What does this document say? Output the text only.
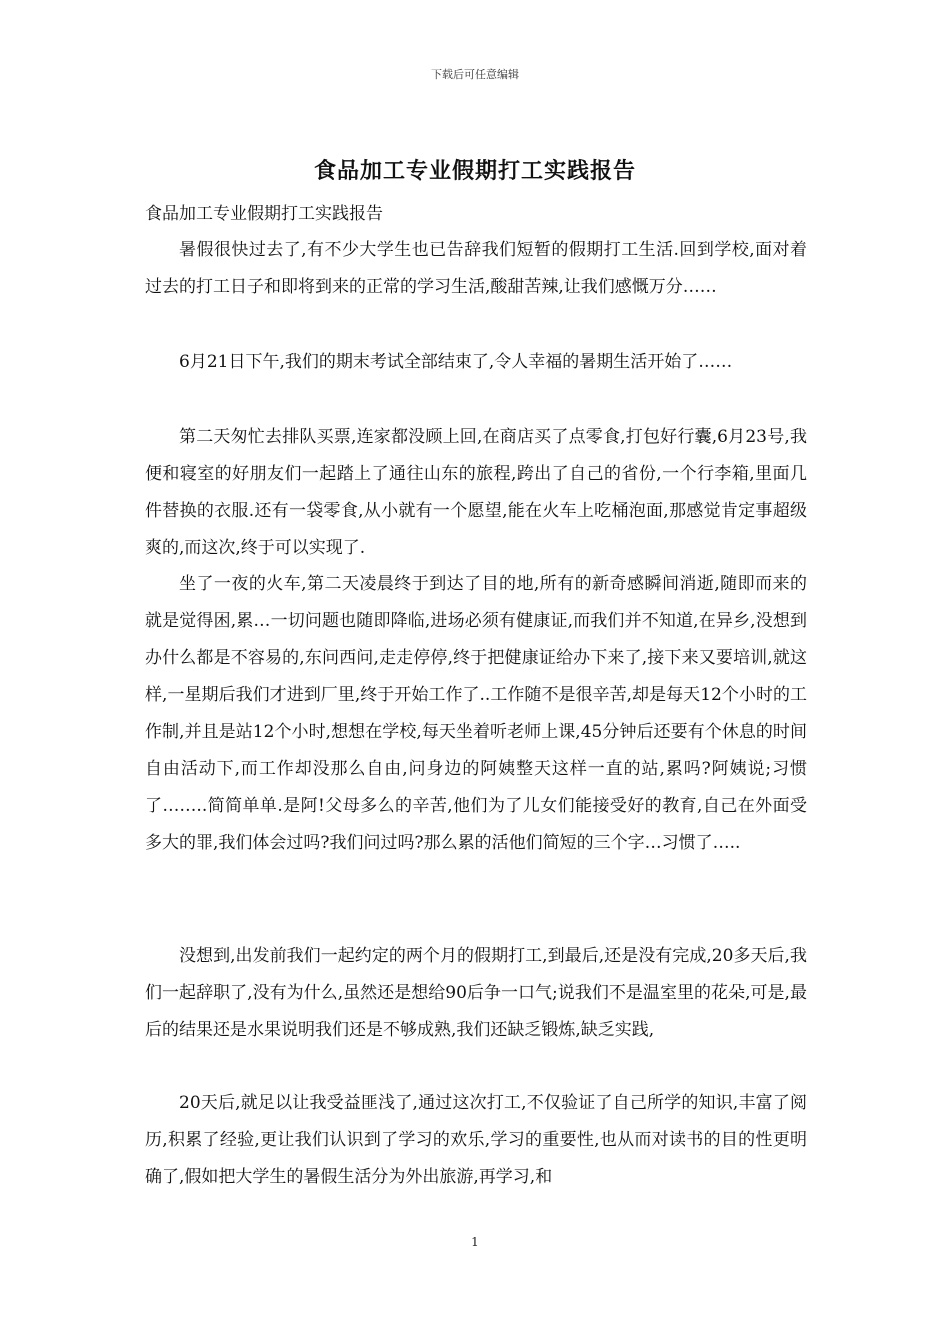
下载后可任意编辑
食品加工专业假期打工实践报告
食品加工专业假期打工实践报告

暑假很快过去了,有不少大学生也已告辞我们短暂的假期打工生活.回到学校,面对着过去的打工日子和即将到来的正常的学习生活,酸甜苦辣,让我们感慨万分……

6月21日下午,我们的期末考试全部结束了,令人幸福的暑期生活开始了……

第二天匆忙去排队买票,连家都没顾上回,在商店买了点零食,打包好行囊,6月23号,我便和寝室的好朋友们一起踏上了通往山东的旅程,跨出了自己的省份,一个行李箱,里面几件替换的衣服.还有一袋零食,从小就有一个愿望,能在火车上吃桶泡面,那感觉肯定事超级爽的,而这次,终于可以实现了.

坐了一夜的火车,第二天凌晨终于到达了目的地,所有的新奇感瞬间消逝,随即而来的就是觉得困,累…一切问题也随即降临,进场必须有健康证,而我们并不知道,在异乡,没想到办什么都是不容易的,东问西问,走走停停,终于把健康证给办下来了,接下来又要培训,就这样,一星期后我们才进到厂里,终于开始工作了..工作随不是很辛苦,却是每天12个小时的工作制,并且是站12个小时,想想在学校,每天坐着听老师上课,45分钟后还要有个休息的时间自由活动下,而工作却没那么自由,问身边的阿姨整天这样一直的站,累吗?阿姨说;习惯了……..简简单单.是阿!父母多么的辛苦,他们为了儿女们能接受好的教育,自己在外面受多大的罪,我们体会过吗?我们问过吗?那么累的活他们简短的三个字…习惯了…..

没想到,出发前我们一起约定的两个月的假期打工,到最后,还是没有完成,20多天后,我们一起辞职了,没有为什么,虽然还是想给90后争一口气;说我们不是温室里的花朵,可是,最后的结果还是水果说明我们还是不够成熟,我们还缺乏锻炼,缺乏实践,

20天后,就足以让我受益匪浅了,通过这次打工,不仅验证了自己所学的知识,丰富了阅历,积累了经验,更让我们认识到了学习的欢乐,学习的重要性,也从而对读书的目的性更明确了,假如把大学生的暑假生活分为外出旅游,再学习,和

1
